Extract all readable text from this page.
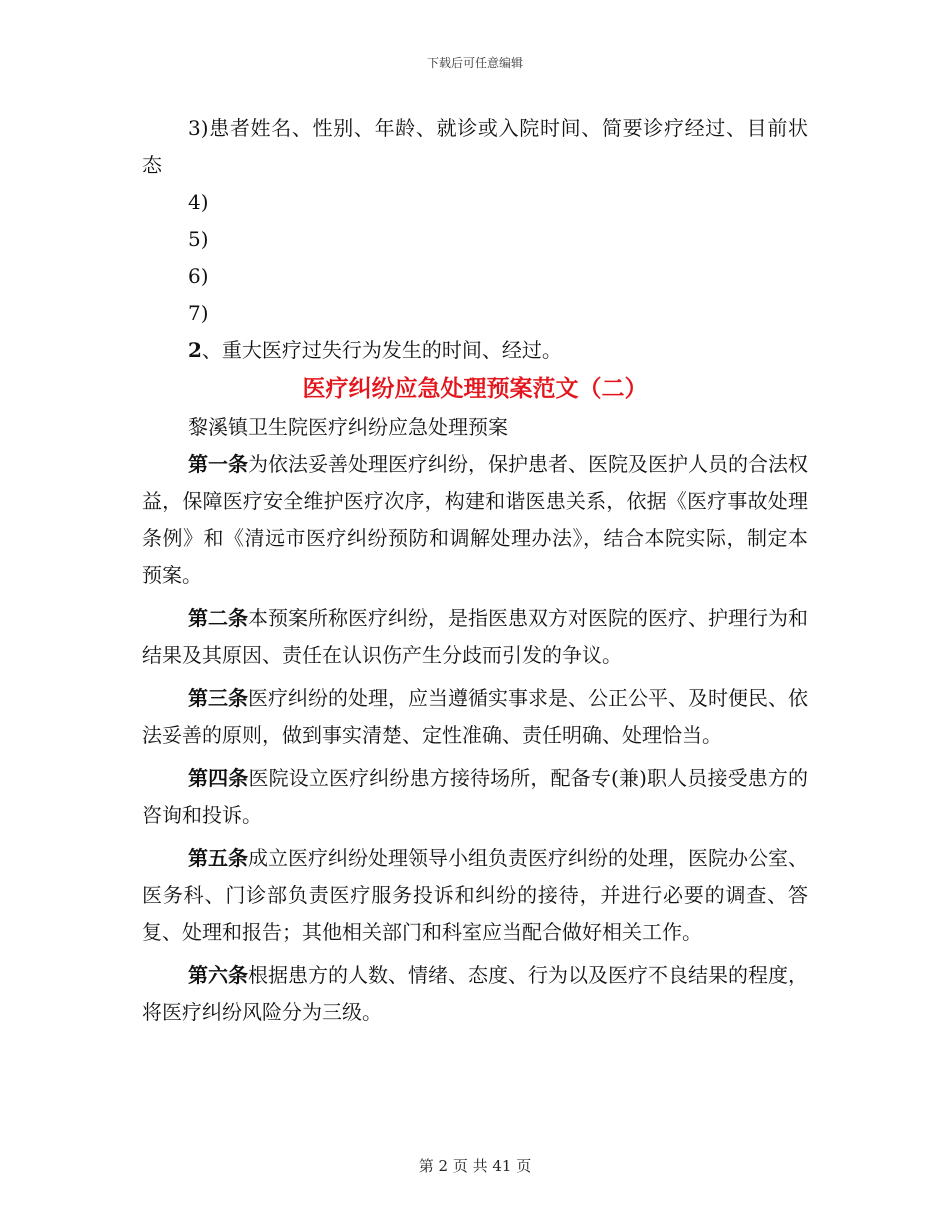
下载后可任意编辑

3)患者姓名、性别、年龄、就诊或入院时间、简要诊疗经过、目前状态

4)

5)

6)

7)

2、重大医疗过失行为发生的时间、经过。

医疗纠纷应急处理预案范文（二）

黎溪镇卫生院医疗纠纷应急处理预案

第一条为依法妥善处理医疗纠纷，保护患者、医院及医护人员的合法权益，保障医疗安全维护医疗次序，构建和谐医患关系，依据《医疗事故处理条例》和《清远市医疗纠纷预防和调解处理办法》，结合本院实际，制定本预案。

第二条本预案所称医疗纠纷，是指医患双方对医院的医疗、护理行为和结果及其原因、责任在认识伤产生分歧而引发的争议。

第三条医疗纠纷的处理，应当遵循实事求是、公正公平、及时便民、依法妥善的原则，做到事实清楚、定性准确、责任明确、处理恰当。

第四条医院设立医疗纠纷患方接待场所，配备专(兼)职人员接受患方的咨询和投诉。

第五条成立医疗纠纷处理领导小组负责医疗纠纷的处理，医院办公室、医务科、门诊部负责医疗服务投诉和纠纷的接待，并进行必要的调查、答复、处理和报告；其他相关部门和科室应当配合做好相关工作。

第六条根据患方的人数、情绪、态度、行为以及医疗不良结果的程度，将医疗纠纷风险分为三级。

第 2 页 共 41 页
